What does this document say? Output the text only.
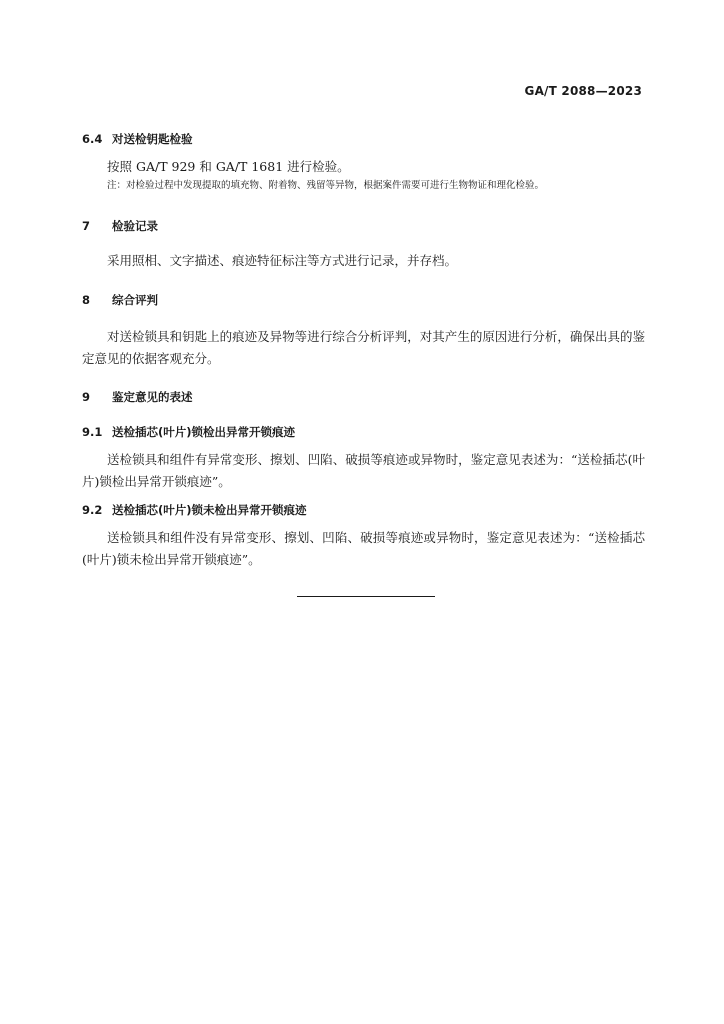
GA/T 2088—2023
6.4 对送检钥匙检验
按照 GA/T 929 和 GA/T 1681 进行检验。
注：对检验过程中发现提取的填充物、附着物、残留等异物，根据案件需要可进行生物物证和理化检验。
7 检验记录
采用照相、文字描述、痕迹特征标注等方式进行记录，并存档。
8 综合评判
对送检锁具和钥匙上的痕迹及异物等进行综合分析评判，对其产生的原因进行分析，确保出具的鉴定意见的依据客观充分。
9 鉴定意见的表述
9.1 送检插芯(叶片)锁检出异常开锁痕迹
送检锁具和组件有异常变形、擦划、凹陷、破损等痕迹或异物时，鉴定意见表述为：“送检插芯(叶片)锁检出异常开锁痕迹”。
9.2 送检插芯(叶片)锁未检出异常开锁痕迹
送检锁具和组件没有异常变形、擦划、凹陷、破损等痕迹或异物时，鉴定意见表述为：“送检插芯(叶片)锁未检出异常开锁痕迹”。
